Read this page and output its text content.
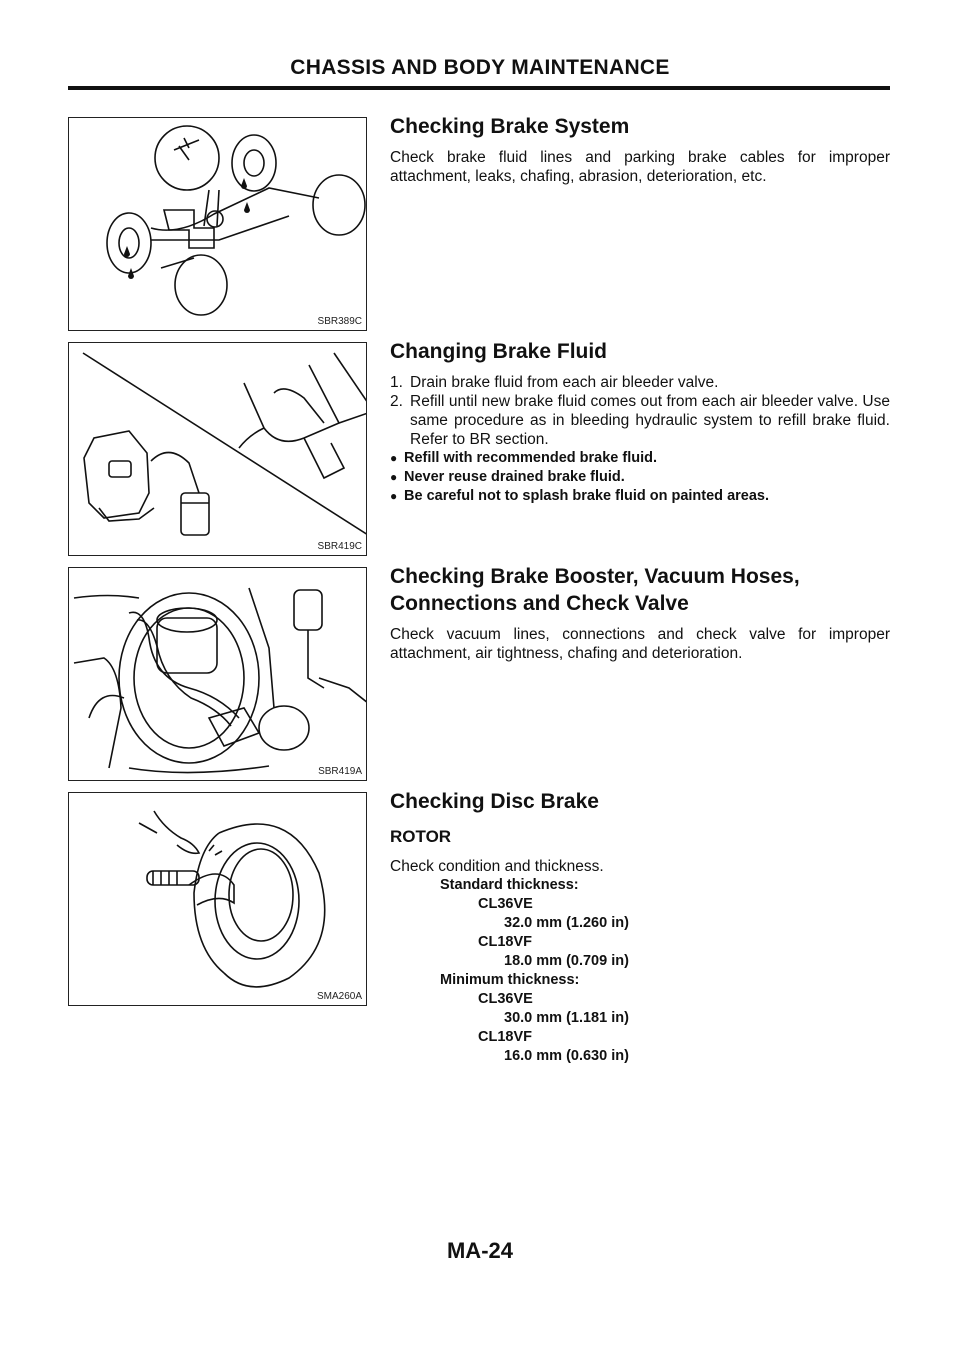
CHASSIS AND BODY MAINTENANCE
SBR389C
SBR419C
SBR419A
SMA260A
Checking Brake System

Check brake fluid lines and parking brake cables for improper attachment, leaks, chafing, abrasion, deterioration, etc.

Changing Brake Fluid
1. Drain brake fluid from each air bleeder valve.
2. Refill until new brake fluid comes out from each air bleeder valve. Use same procedure as in bleeding hydraulic system to refill brake fluid. Refer to BR section.
● Refill with recommended brake fluid.
● Never reuse drained brake fluid.
● Be careful not to splash brake fluid on painted areas.
Checking Brake Booster, Vacuum Hoses,
Connections and Check Valve

Check vacuum lines, connections and check valve for improper attachment, air tightness, chafing and deterioration.

Checking Disc Brake
ROTOR

Check condition and thickness.

Standard thickness:
CL36VE
32.0 mm (1.260 in)
CL18VF
18.0 mm (0.709 in)
Minimum thickness:
CL36VE
30.0 mm (1.181 in)
CL18VF
16.0 mm (0.630 in)
MA-24
